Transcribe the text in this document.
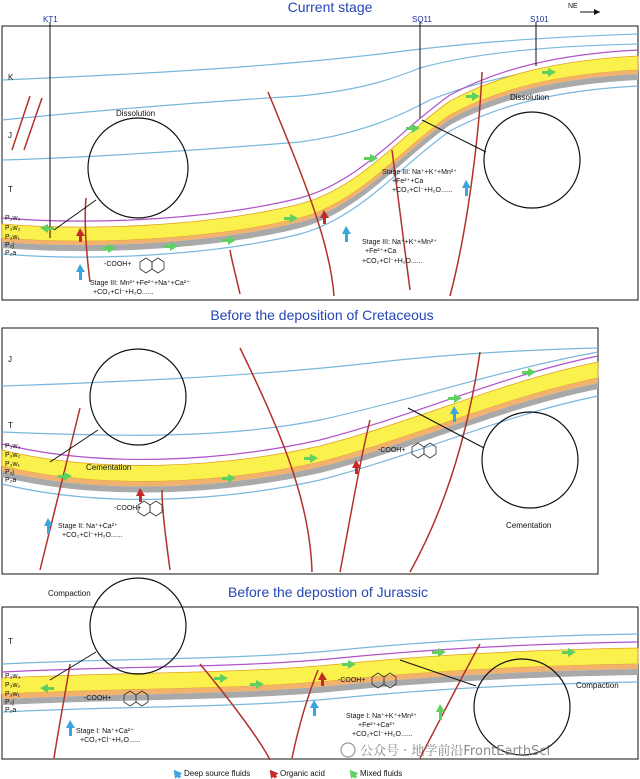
Current stage	NE
KT1	SQ11	S101
K
J
T
P₃w₃
P₃w₂
P₃w₁
P₂j
P₂a
Dissolution
Dissolution
Stage III: Na⁺+K⁺+Mn²⁺
+Fe²⁺+Ca
+CO₂+Cl⁻+H₂O......
Stage III: Na⁺+K⁺+Mn²⁺
+Fe²⁺+Ca
+CO₂+Cl⁻+H₂O......
Stage III: Mn²⁺+Fe²⁺+Na⁺+Ca²⁺
+CO₂+Cl⁻+H₂O......
-COOH+
Before the deposition of Cretaceous
J
T
P₃w₃
P₃w₂
P₃w₁
P₂j
P₂a
Cementation
Cementation
-COOH+
-COOH+
Stage II: Na⁺+Ca²⁺
+CO₂+Cl⁻+H₂O......
Before the depostion of Jurassic
T
P₃w₃
P₃w₂
P₃w₁
P₂j
P₂a
Compaction
Compaction
-COOH+
-COOH+
Stage I: Na⁺+Ca²⁺
+CO₂+Cl⁻+H₂O......
Stage I: Na⁺+K⁺+Mn²⁺
+Fe²⁺+Ca²⁺
+CO₂+Cl⁻+H₂O......
Deep source fluids	Organic acid	Mixed fluids
公众号 · 地学前沿FrontEarthSci
